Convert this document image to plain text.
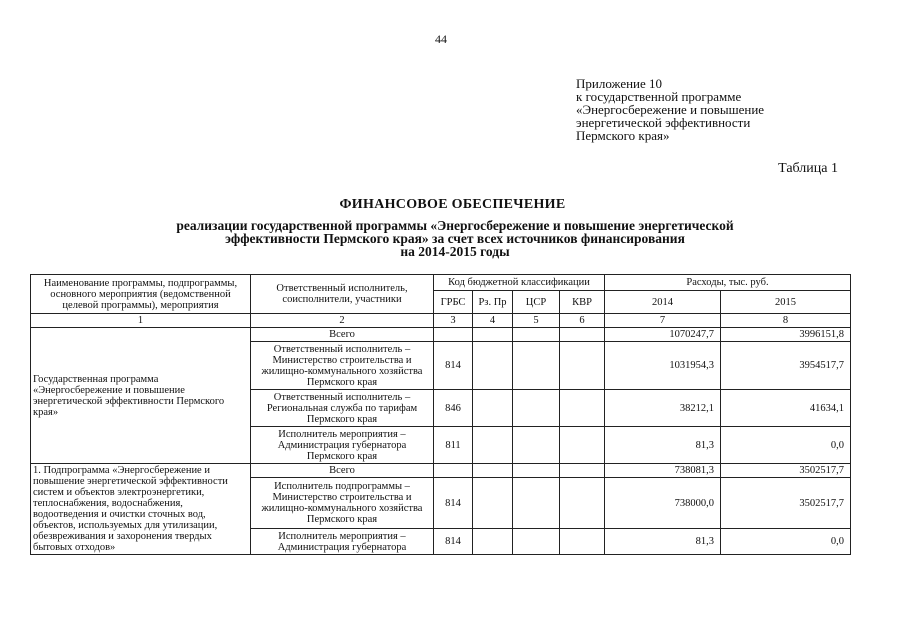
44
Приложение 10
к государственной программе
«Энергосбережение и повышение
энергетической эффективности
Пермского края»
Таблица 1
ФИНАНСОВОЕ ОБЕСПЕЧЕНИЕ
реализации государственной программы «Энергосбережение и повышение энергетической
эффективности Пермского края» за счет всех источников финансирования
на 2014-2015 годы
Наименование программы, подпрограммы, основного мероприятия (ведомственной целевой программы), мероприятия	Ответственный исполнитель, соисполнители, участники	Код бюджетной классификации				Расходы, тыс. руб.	
		ГРБС	Рз. Пр	ЦСР	КВР	2014	2015
1	2	3	4	5	6	7	8
Государственная программа «Энергосбережение и повышение энергетической эффективности Пермского края»	Всего					1070247,7	3996151,8
	Ответственный исполнитель – Министерство строительства и жилищно-коммунального хозяйства Пермского края	814				1031954,3	3954517,7
	Ответственный исполнитель – Региональная служба по тарифам Пермского края	846				38212,1	41634,1
	Исполнитель мероприятия – Администрация губернатора Пермского края	811				81,3	0,0
1. Подпрограмма «Энергосбережение и повышение энергетической эффективности систем и объектов электроэнергетики, теплоснабжения, водоснабжения, водоотведения и очистки сточных вод, объектов, используемых для утилизации, обезвреживания и захоронения твердых бытовых отходов»	Всего					738081,3	3502517,7
	Исполнитель подпрограммы – Министерство строительства и жилищно-коммунального хозяйства Пермского края	814				738000,0	3502517,7
	Исполнитель мероприятия – Администрация губернатора	814				81,3	0,0
